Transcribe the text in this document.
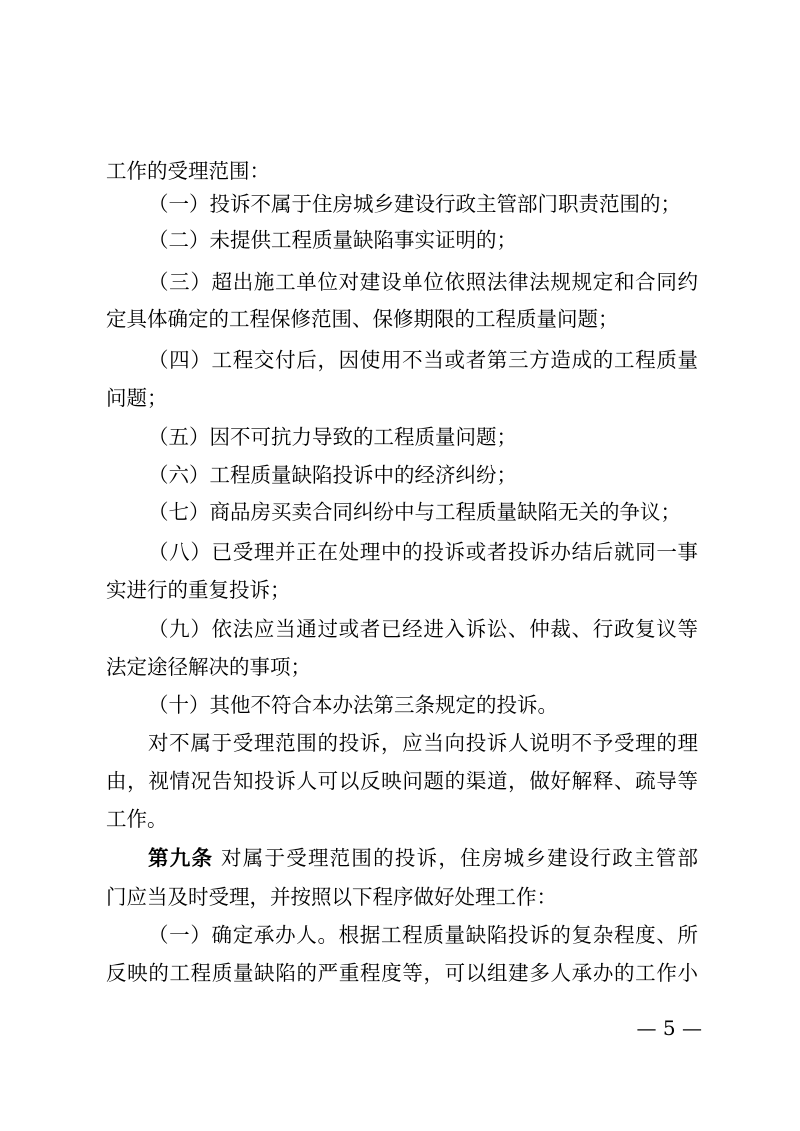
工作的受理范围：
（一）投诉不属于住房城乡建设行政主管部门职责范围的；
（二）未提供工程质量缺陷事实证明的；
（三）超出施工单位对建设单位依照法律法规规定和合同约
定具体确定的工程保修范围、保修期限的工程质量问题；
（四）工程交付后，因使用不当或者第三方造成的工程质量
问题；
（五）因不可抗力导致的工程质量问题；
（六）工程质量缺陷投诉中的经济纠纷；
（七）商品房买卖合同纠纷中与工程质量缺陷无关的争议；
（八）已受理并正在处理中的投诉或者投诉办结后就同一事
实进行的重复投诉；
（九）依法应当通过或者已经进入诉讼、仲裁、行政复议等
法定途径解决的事项；
（十）其他不符合本办法第三条规定的投诉。
对不属于受理范围的投诉，应当向投诉人说明不予受理的理
由，视情况告知投诉人可以反映问题的渠道，做好解释、疏导等
工作。
第九条 对属于受理范围的投诉，住房城乡建设行政主管部
门应当及时受理，并按照以下程序做好处理工作：
（一）确定承办人。根据工程质量缺陷投诉的复杂程度、所
反映的工程质量缺陷的严重程度等，可以组建多人承办的工作小
— 5 —
